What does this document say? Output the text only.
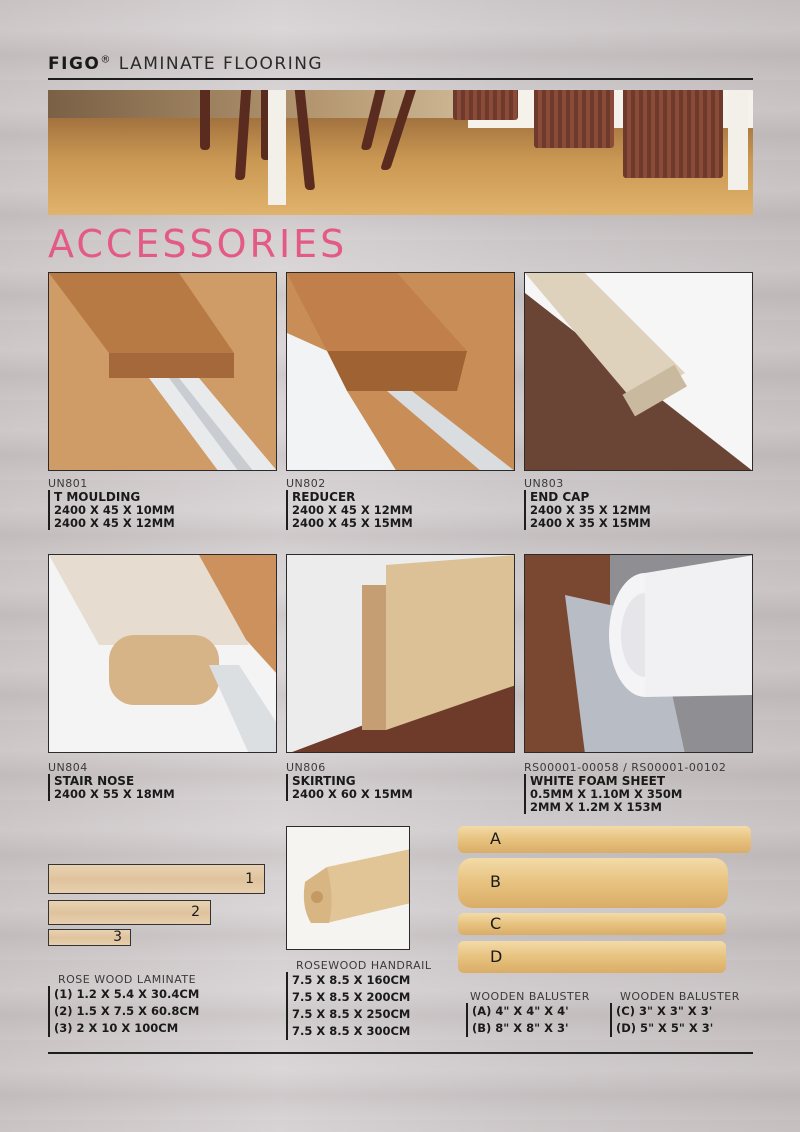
FIGO® LAMINATE FLOORING
ACCESSORIES
UN801
T MOULDING
2400 X 45 X 10MM
2400 X 45 X 12MM
UN802
REDUCER
2400 X 45 X 12MM
2400 X 45 X 15MM
UN803
END CAP
2400 X 35 X 12MM
2400 X 35 X 15MM
UN804
STAIR NOSE
2400 X 55 X 18MM
UN806
SKIRTING
2400 X 60 X 15MM
RS00001-00058 / RS00001-00102
WHITE FOAM SHEET
0.5MM X 1.10M X 350M
2MM X 1.2M X 153M
1
2
3
ROSE WOOD LAMINATE
(1) 1.2 X 5.4 X 30.4CM
(2) 1.5 X 7.5 X 60.8CM
(3) 2 X 10 X 100CM
ROSEWOOD HANDRAIL
7.5 X 8.5 X 160CM
7.5 X 8.5 X 200CM
7.5 X 8.5 X 250CM
7.5 X 8.5 X 300CM
A
B
C
D
WOODEN BALUSTER
(A) 4" X 4" X 4'
(B) 8" X 8" X 3'
WOODEN BALUSTER
(C) 3" X 3" X 3'
(D) 5" X 5" X 3'
